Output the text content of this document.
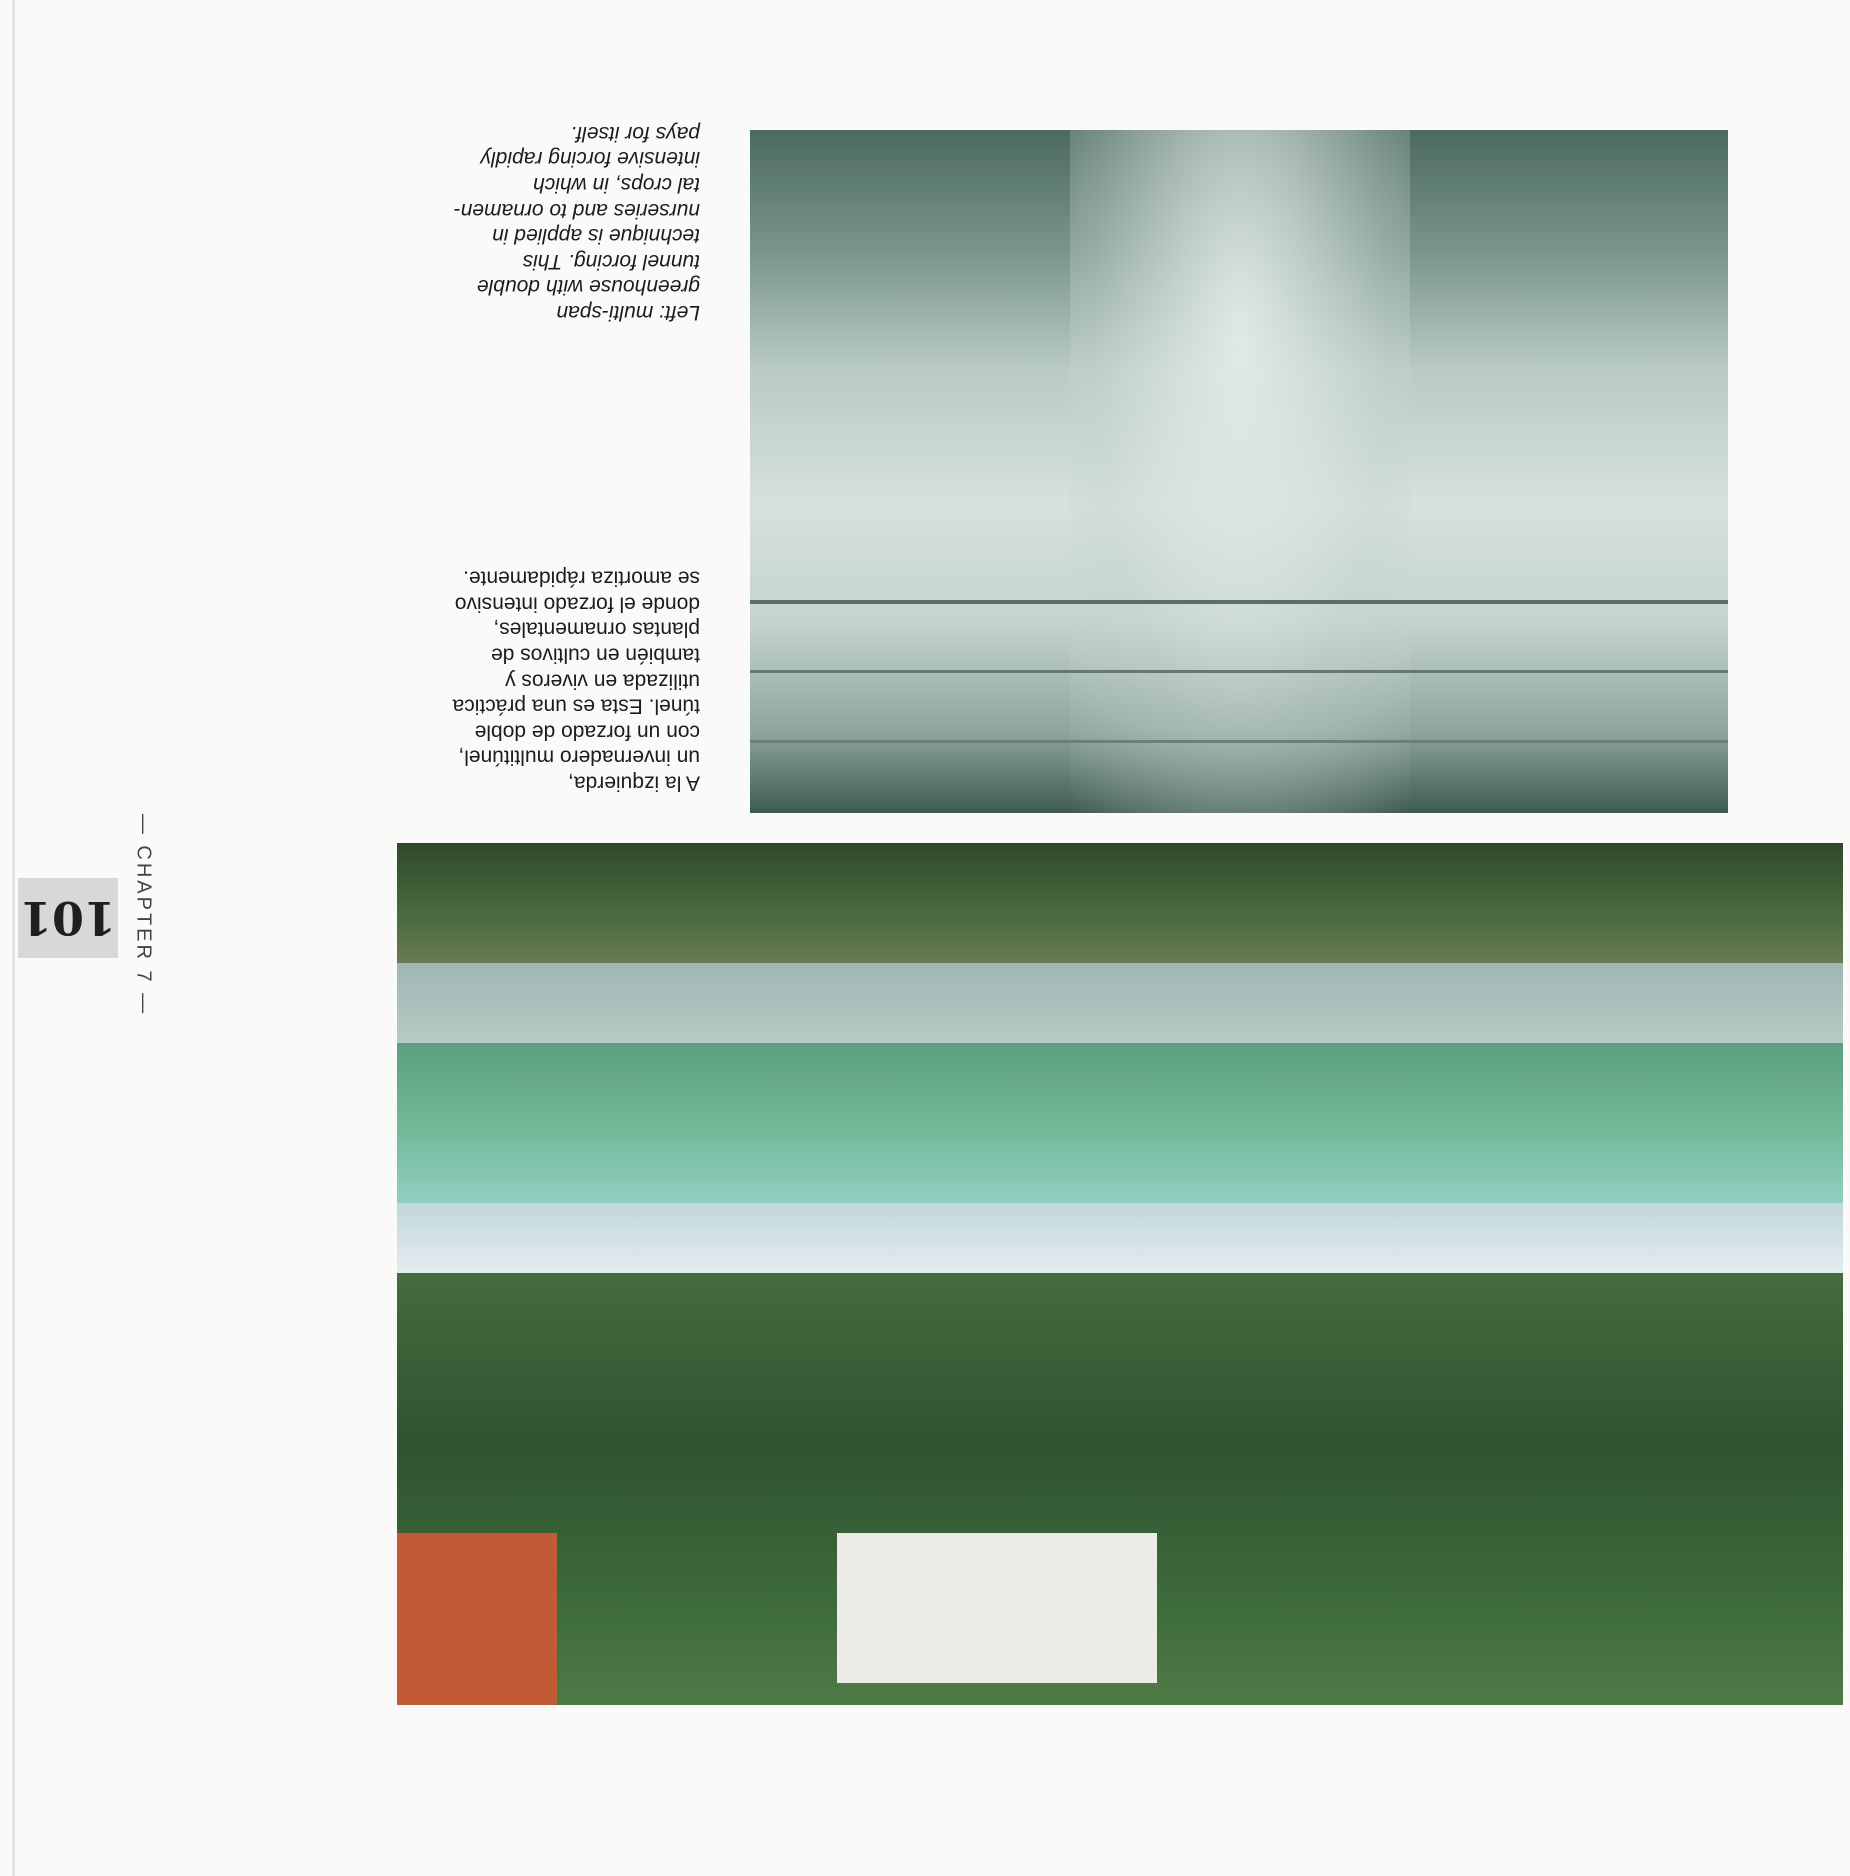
101 — CHAPTER 7 —
A la izquierda,
un invernadero multitúnel,
con un forzado de doble
túnel. Esta es una práctica
utilizada en viveros y
también en cultivos de
plantas ornamentales,
donde el forzado intensivo
se amortiza rápidamente.
Left: multi-span
greenhouse with double
tunnel forcing. This
technique is applied in
nurseries and to ornamen-
tal crops, in which
intensive forcing rapidly
pays for itself.
